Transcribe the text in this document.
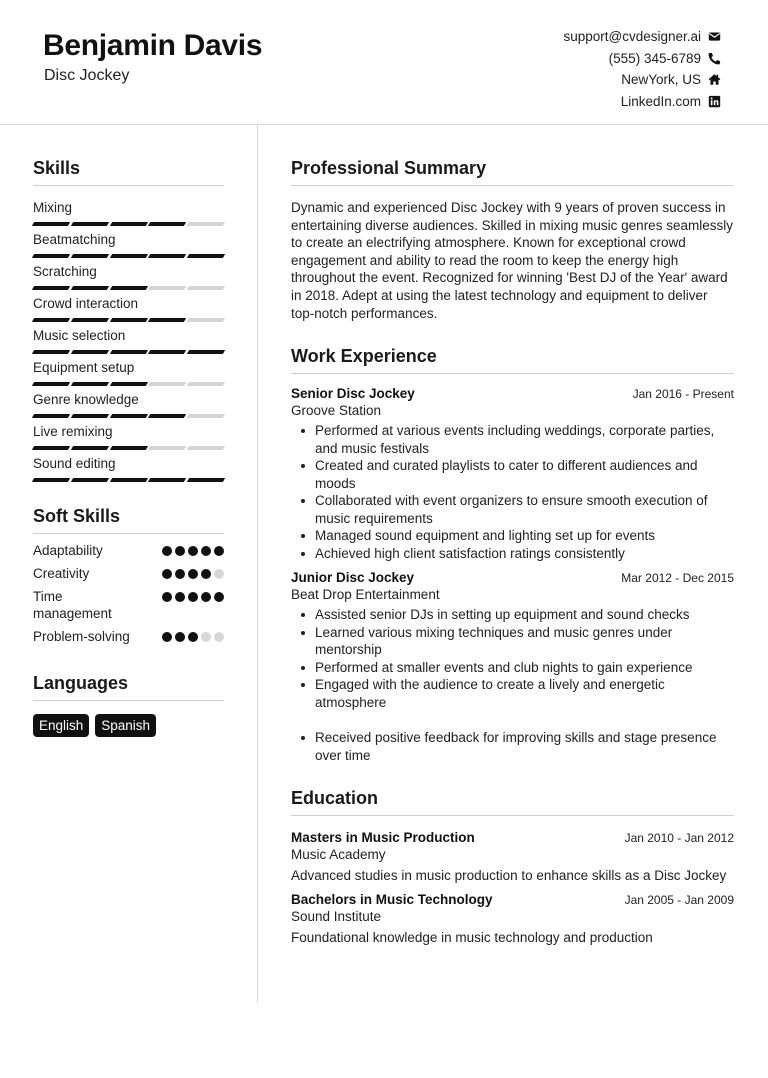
Benjamin Davis
Disc Jockey
support@cvdesigner.ai
(555) 345-6789
NewYork, US
LinkedIn.com
Skills
Mixing
Beatmatching
Scratching
Crowd interaction
Music selection
Equipment setup
Genre knowledge
Live remixing
Sound editing
Soft Skills
Adaptability
Creativity
Time management
Problem-solving
Languages
English	Spanish
Professional Summary
Dynamic and experienced Disc Jockey with 9 years of proven success in entertaining diverse audiences. Skilled in mixing music genres seamlessly to create an electrifying atmosphere. Known for exceptional crowd engagement and ability to read the room to keep the energy high throughout the event. Recognized for winning 'Best DJ of the Year' award in 2018. Adept at using the latest technology and equipment to deliver top-notch performances.
Work Experience
Senior Disc Jockey	Jan 2016 - Present
Groove Station
Performed at various events including weddings, corporate parties, and music festivals
Created and curated playlists to cater to different audiences and moods
Collaborated with event organizers to ensure smooth execution of music requirements
Managed sound equipment and lighting set up for events
Achieved high client satisfaction ratings consistently
Junior Disc Jockey	Mar 2012 - Dec 2015
Beat Drop Entertainment
Assisted senior DJs in setting up equipment and sound checks
Learned various mixing techniques and music genres under mentorship
Performed at smaller events and club nights to gain experience
Engaged with the audience to create a lively and energetic atmosphere
Received positive feedback for improving skills and stage presence over time
Education
Masters in Music Production	Jan 2010 - Jan 2012
Music Academy
Advanced studies in music production to enhance skills as a Disc Jockey
Bachelors in Music Technology	Jan 2005 - Jan 2009
Sound Institute
Foundational knowledge in music technology and production
